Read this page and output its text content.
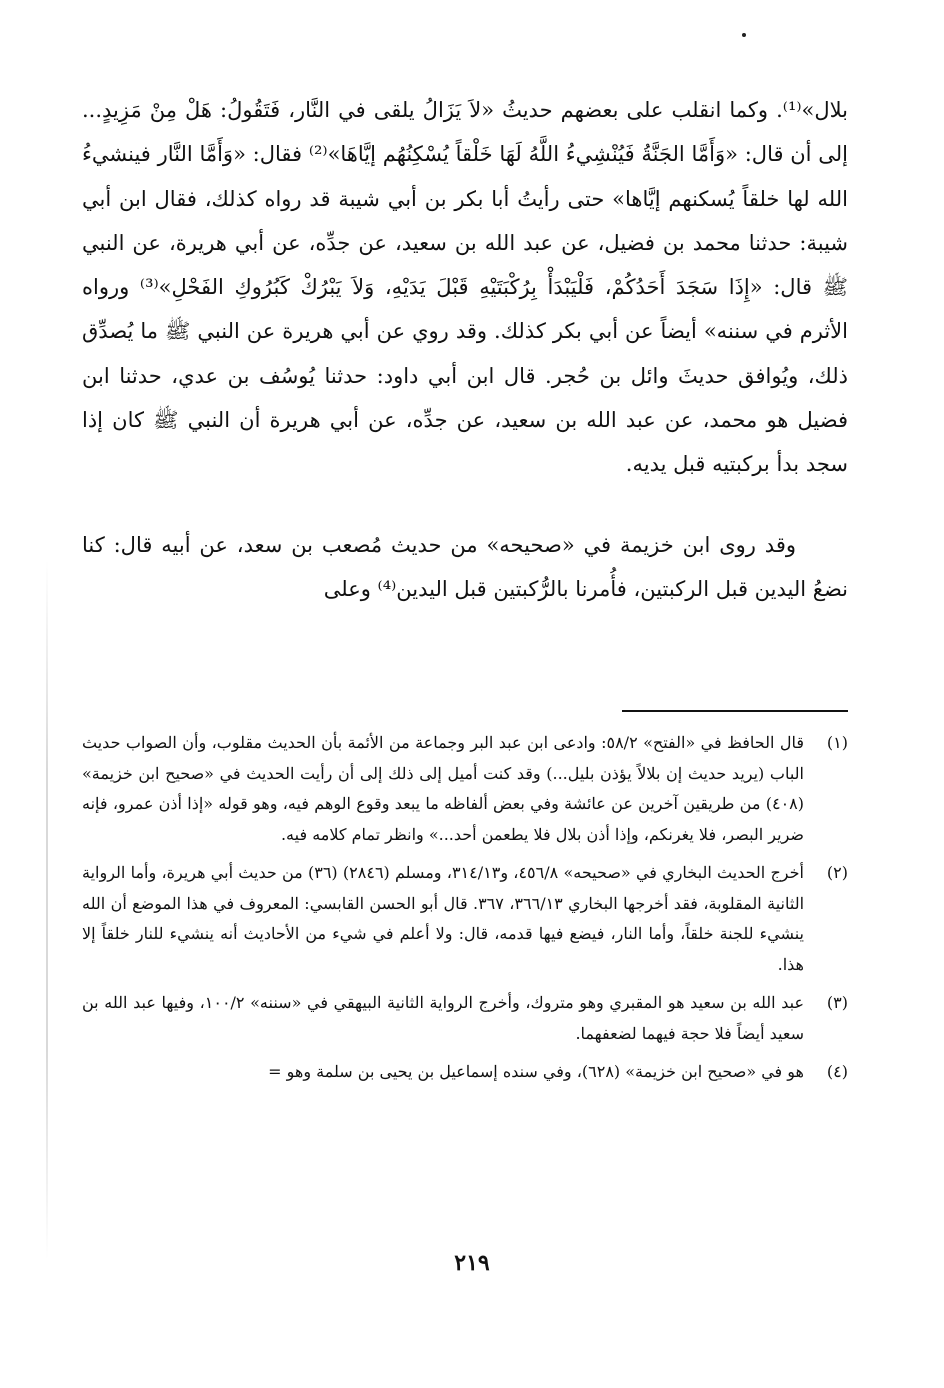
بلال»⁽¹⁾. وكما انقلب على بعضهم حديثُ «لاَ يَزَالُ يلقى في النَّار، فَتَقُولُ: هَلْ مِنْ مَزِيدٍ... إلى أن قال: «وَأَمَّا الجَنَّةُ فَيُنْشِيءُ اللَّهُ لَهَا خَلْقاً يُسْكِنُهُم إيَّاهَا»⁽²⁾ فقال: «وَأَمَّا النَّار فينشيءُ الله لها خلقاً يُسكنهم إيَّاها» حتى رأيتُ أبا بكر بن أبي شيبة قد رواه كذلك، فقال ابن أبي شيبة: حدثنا محمد بن فضيل، عن عبد الله بن سعيد، عن جدِّه، عن أبي هريرة، عن النبي ﷺ قال: «إِذَا سَجَدَ أَحَدُكُمْ، فَلْيَبْدَأْ بِرُكْبَتَيْهِ قَبْلَ يَدَيْهِ، وَلاَ يَبْرُكْ كَبُرُوكِ الفَحْلِ»⁽³⁾ ورواه الأثرم في سننه» أيضاً عن أبي بكر كذلك. وقد روي عن أبي هريرة عن النبي ﷺ ما يُصدِّق ذلك، ويُوافق حديثَ وائل بن حُجر. قال ابن أبي داود: حدثنا يُوسُف بن عدي، حدثنا ابن فضيل هو محمد، عن عبد الله بن سعيد، عن جدِّه، عن أبي هريرة أن النبي ﷺ كان إذا سجد بدأ بركبتيه قبل يديه.

وقد روى ابن خزيمة في «صحيحه» من حديث مُصعب بن سعد، عن أبيه قال: كنا نضعُ اليدين قبل الركبتين، فأُمرنا بالرُّكبتين قبل اليدين⁽⁴⁾ وعلى

(١)
قال الحافظ في «الفتح» ٥٨/٢: وادعى ابن عبد البر وجماعة من الأئمة بأن الحديث مقلوب، وأن الصواب حديث الباب (يريد حديث إن بلالاً يؤذن بليل...) وقد كنت أميل إلى ذلك إلى أن رأيت الحديث في «صحيح ابن خزيمة» (٤٠٨) من طريقين آخرين عن عائشة وفي بعض ألفاظه ما يبعد وقوع الوهم فيه، وهو قوله «إذا أذن عمرو، فإنه ضرير البصر، فلا يغرنكم، وإذا أذن بلال فلا يطعمن أحد...» وانظر تمام كلامه فيه.
(٢)
أخرج الحديث البخاري في «صحيحه» ٤٥٦/٨، و٣١٤/١٣، ومسلم (٢٨٤٦) (٣٦) من حديث أبي هريرة، وأما الرواية الثانية المقلوبة، فقد أخرجها البخاري ٣٦٦/١٣، ٣٦٧. قال أبو الحسن القابسي: المعروف في هذا الموضع أن الله ينشيء للجنة خلقاً، وأما النار، فيضع فيها قدمه، قال: ولا أعلم في شيء من الأحاديث أنه ينشيء للنار خلقاً إلا هذا.
(٣)
عبد الله بن سعيد هو المقبري وهو متروك، وأخرج الرواية الثانية البيهقي في «سننه» ١٠٠/٢، وفيها عبد الله بن سعيد أيضاً فلا حجة فيهما لضعفهما.
(٤)
هو في «صحيح ابن خزيمة» (٦٢٨)، وفي سنده إسماعيل بن يحيى بن سلمة وهو =
٢١٩
